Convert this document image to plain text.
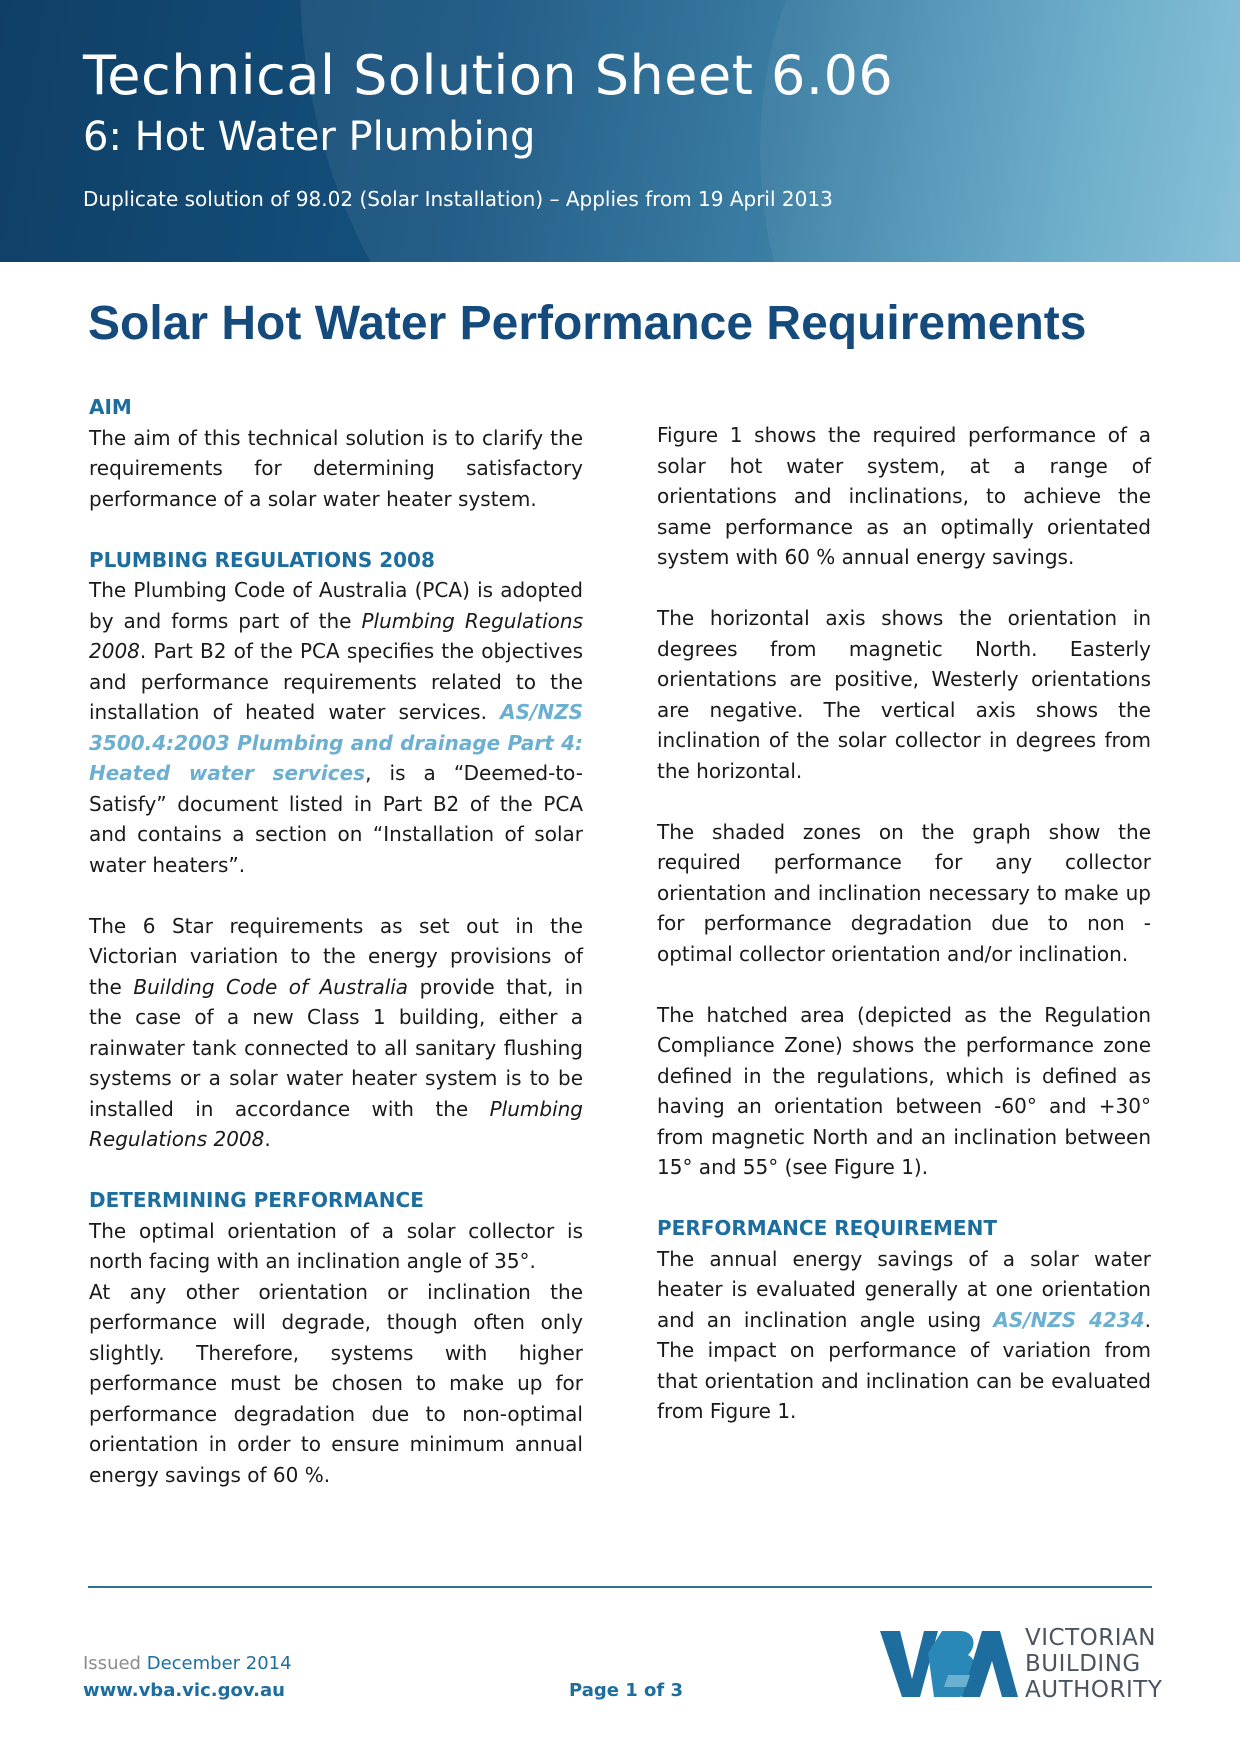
Technical Solution Sheet 6.06
6: Hot Water Plumbing
Duplicate solution of 98.02 (Solar Installation) – Applies from 19 April 2013
Solar Hot Water Performance Requirements
AIM

The aim of this technical solution is to clarify the requirements for determining satisfactory performance of a solar water heater system.

PLUMBING REGULATIONS 2008

The Plumbing Code of Australia (PCA) is adopted by and forms part of the Plumbing Regulations 2008. Part B2 of the PCA specifies the objectives and performance requirements related to the installation of heated water services. AS/NZS 3500.4:2003 Plumbing and drainage Part 4: Heated water services, is a “Deemed-to-Satisfy” document listed in Part B2 of the PCA and contains a section on “Installation of solar water heaters”.

The 6 Star requirements as set out in the Victorian variation to the energy provisions of the Building Code of Australia provide that, in the case of a new Class 1 building, either a rainwater tank connected to all sanitary flushing systems or a solar water heater system is to be installed in accordance with the Plumbing Regulations 2008.

DETERMINING PERFORMANCE

The optimal orientation of a solar collector is north facing with an inclination angle of 35°.

At any other orientation or inclination the performance will degrade, though often only slightly. Therefore, systems with higher performance must be chosen to make up for performance degradation due to non-optimal orientation in order to ensure minimum annual energy savings of 60 %.

Figure 1 shows the required performance of a solar hot water system, at a range of orientations and inclinations, to achieve the same performance as an optimally orientated system with 60 % annual energy savings.

The horizontal axis shows the orientation in degrees from magnetic North. Easterly orientations are positive, Westerly orientations are negative. The vertical axis shows the inclination of the solar collector in degrees from the horizontal.

The shaded zones on the graph show the required performance for any collector orientation and inclination necessary to make up for performance degradation due to non - optimal collector orientation and/or inclination.

The hatched area (depicted as the Regulation Compliance Zone) shows the performance zone defined in the regulations, which is defined as having an orientation between -60° and +30° from magnetic North and an inclination between 15° and 55° (see Figure 1).

PERFORMANCE REQUIREMENT

The annual energy savings of a solar water heater is evaluated generally at one orientation and an inclination angle using AS/NZS 4234. The impact on performance of variation from that orientation and inclination can be evaluated from Figure 1.

Issued December 2014
www.vba.vic.gov.au	Page 1 of 3
VICTORIAN
BUILDING
AUTHORITY
